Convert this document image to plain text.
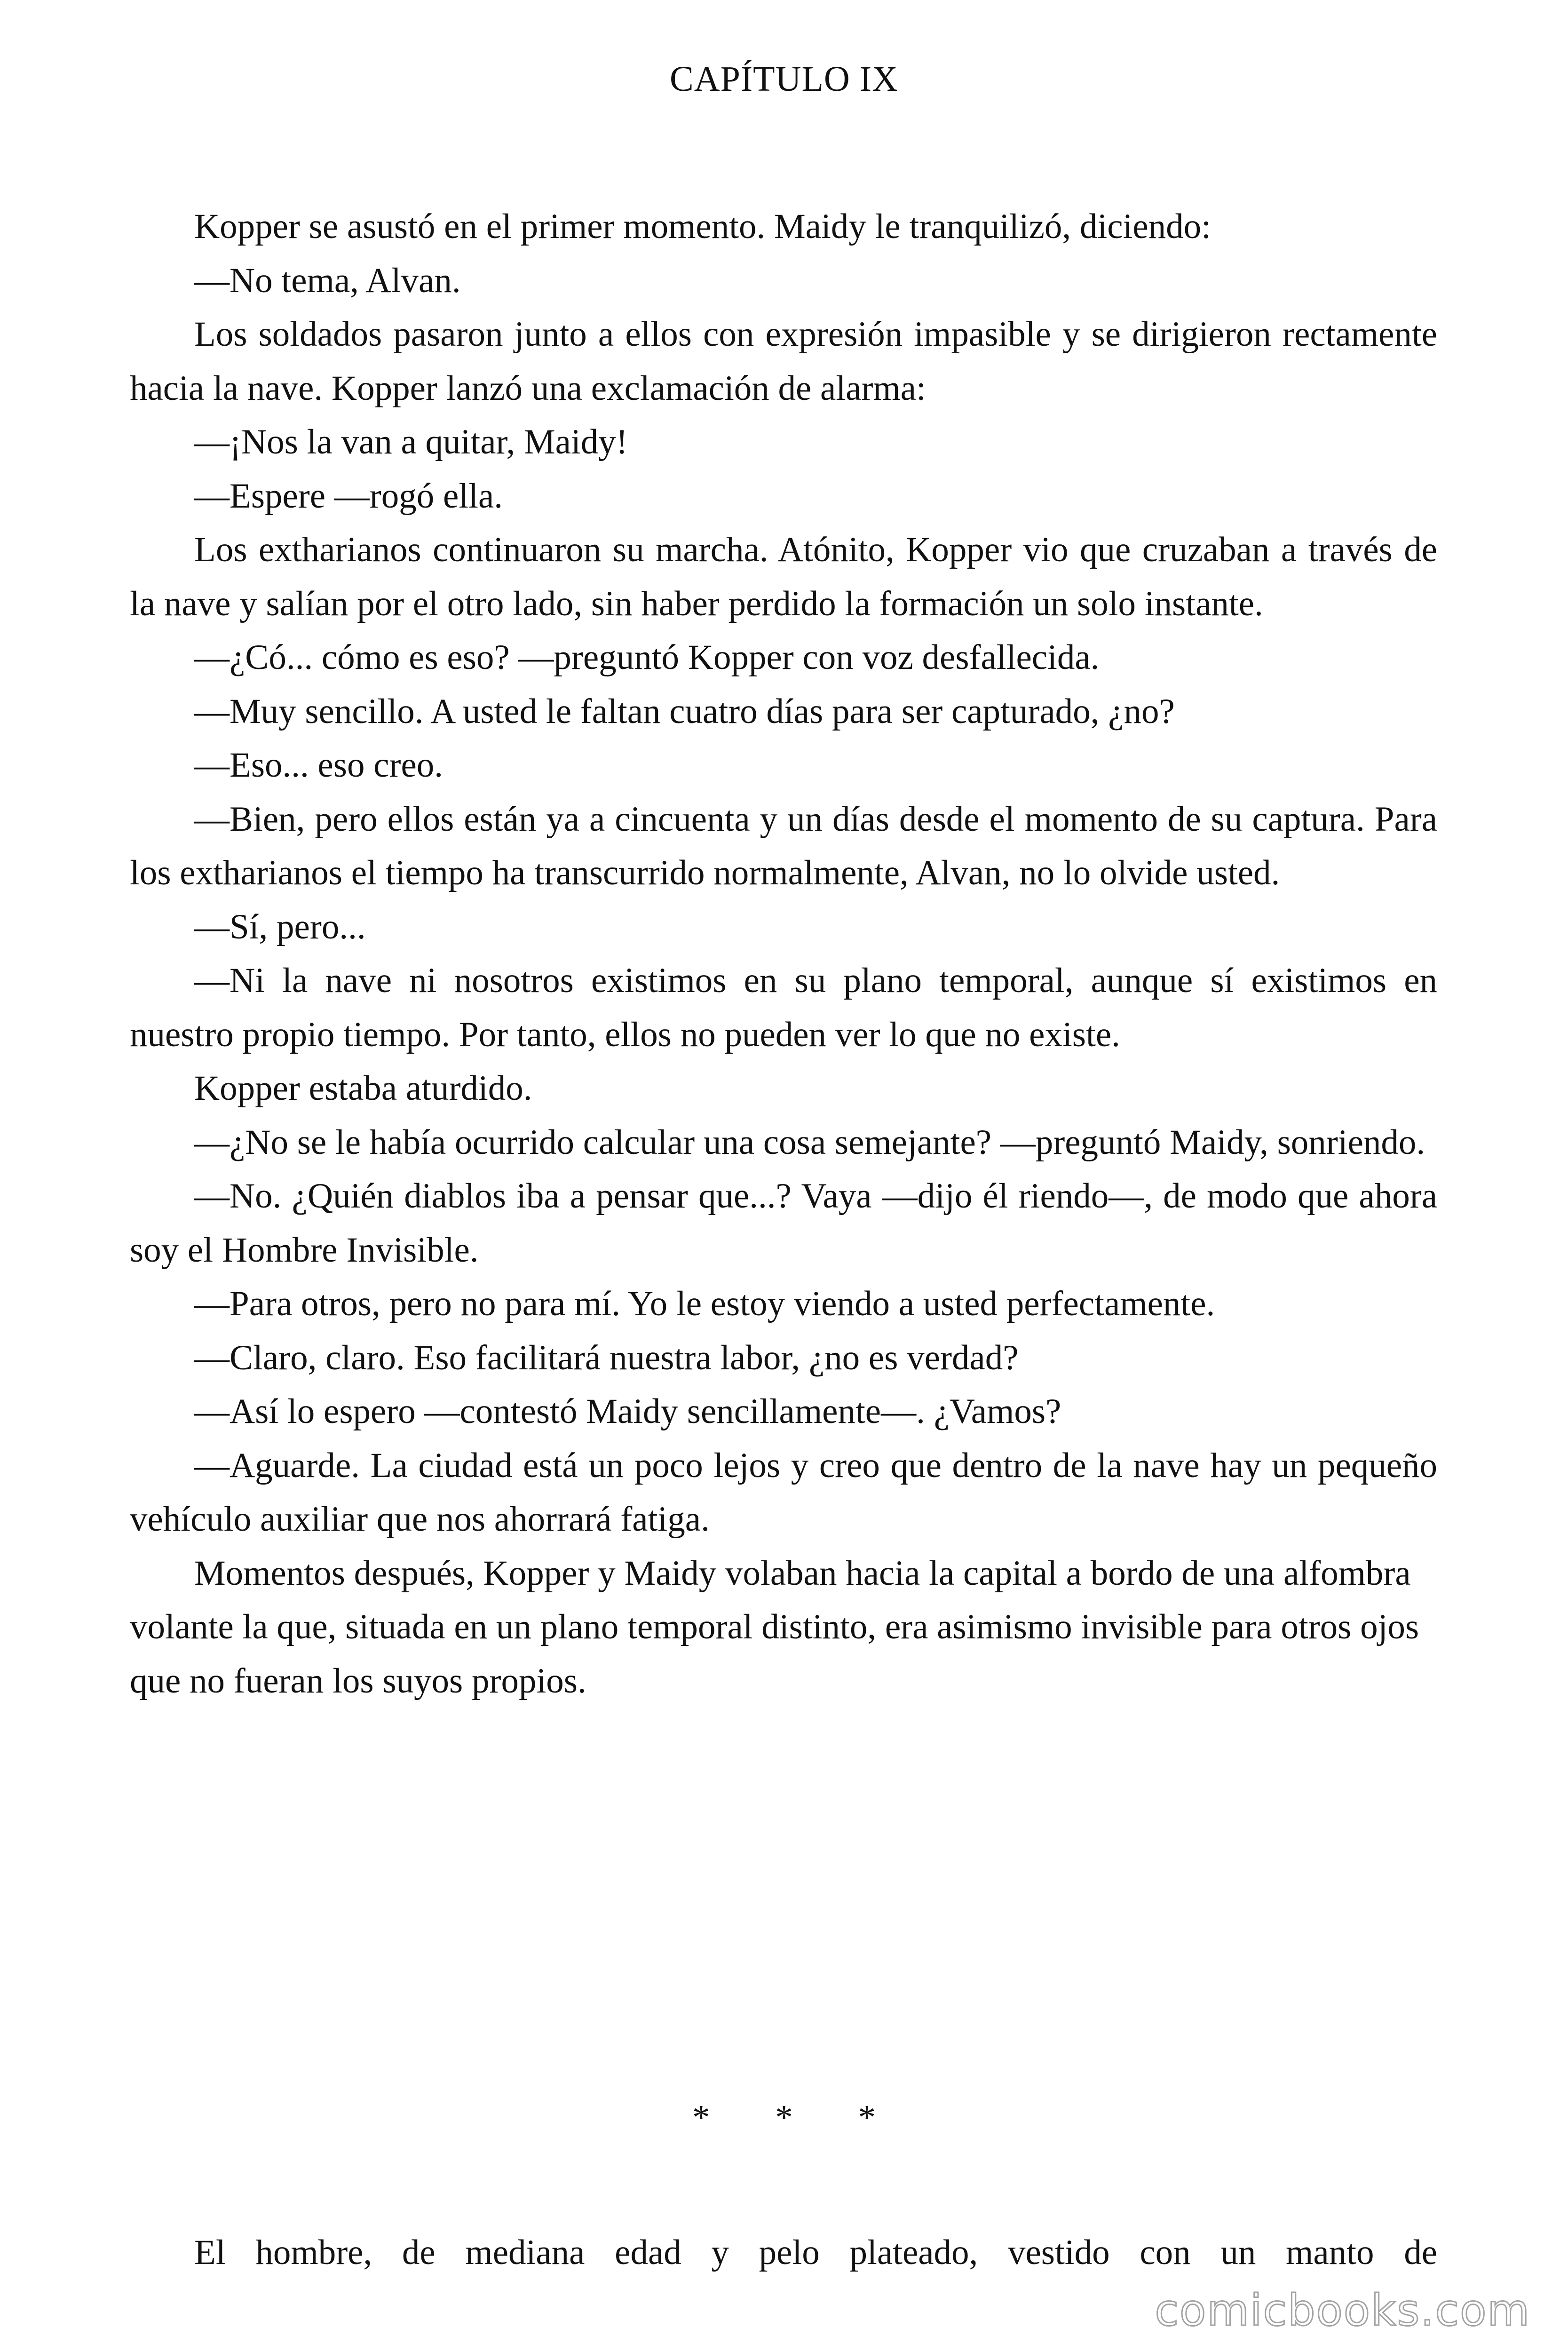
CAPÍTULO IX

Kopper se asustó en el primer momento. Maidy le tranquilizó, diciendo:

—No tema, Alvan.

Los soldados pasaron junto a ellos con expresión impasible y se dirigieron rectamente hacia la nave. Kopper lanzó una exclamación de alarma:

—¡Nos la van a quitar, Maidy!

—Espere —rogó ella.

Los extharianos continuaron su marcha. Atónito, Kopper vio que cruzaban a través de la nave y salían por el otro lado, sin haber perdido la formación un solo instante.

—¿Có... cómo es eso? —preguntó Kopper con voz desfallecida.

—Muy sencillo. A usted le faltan cuatro días para ser capturado, ¿no?

—Eso... eso creo.

—Bien, pero ellos están ya a cincuenta y un días desde el momento de su captura. Para los extharianos el tiempo ha transcurrido normalmente, Alvan, no lo olvide usted.

—Sí, pero...

—Ni la nave ni nosotros existimos en su plano temporal, aunque sí existimos en nuestro propio tiempo. Por tanto, ellos no pueden ver lo que no existe.

Kopper estaba aturdido.

—¿No se le había ocurrido calcular una cosa semejante? —preguntó Maidy, sonriendo.

—No. ¿Quién diablos iba a pensar que...? Vaya —dijo él riendo—, de modo que ahora soy el Hombre Invisible.

—Para otros, pero no para mí. Yo le estoy viendo a usted perfectamente.

—Claro, claro. Eso facilitará nuestra labor, ¿no es verdad?

—Así lo espero —contestó Maidy sencillamente—. ¿Vamos?

—Aguarde. La ciudad está un poco lejos y creo que dentro de la nave hay un pequeño vehículo auxiliar que nos ahorrará fatiga.

Momentos después, Kopper y Maidy volaban hacia la capital a bordo de una alfombra volante la que, situada en un plano temporal distinto, era asimismo invisible para otros ojos que no fueran los suyos propios.

* * *

El hombre, de mediana edad y pelo plateado, vestido con un manto de

comicbooks.com
